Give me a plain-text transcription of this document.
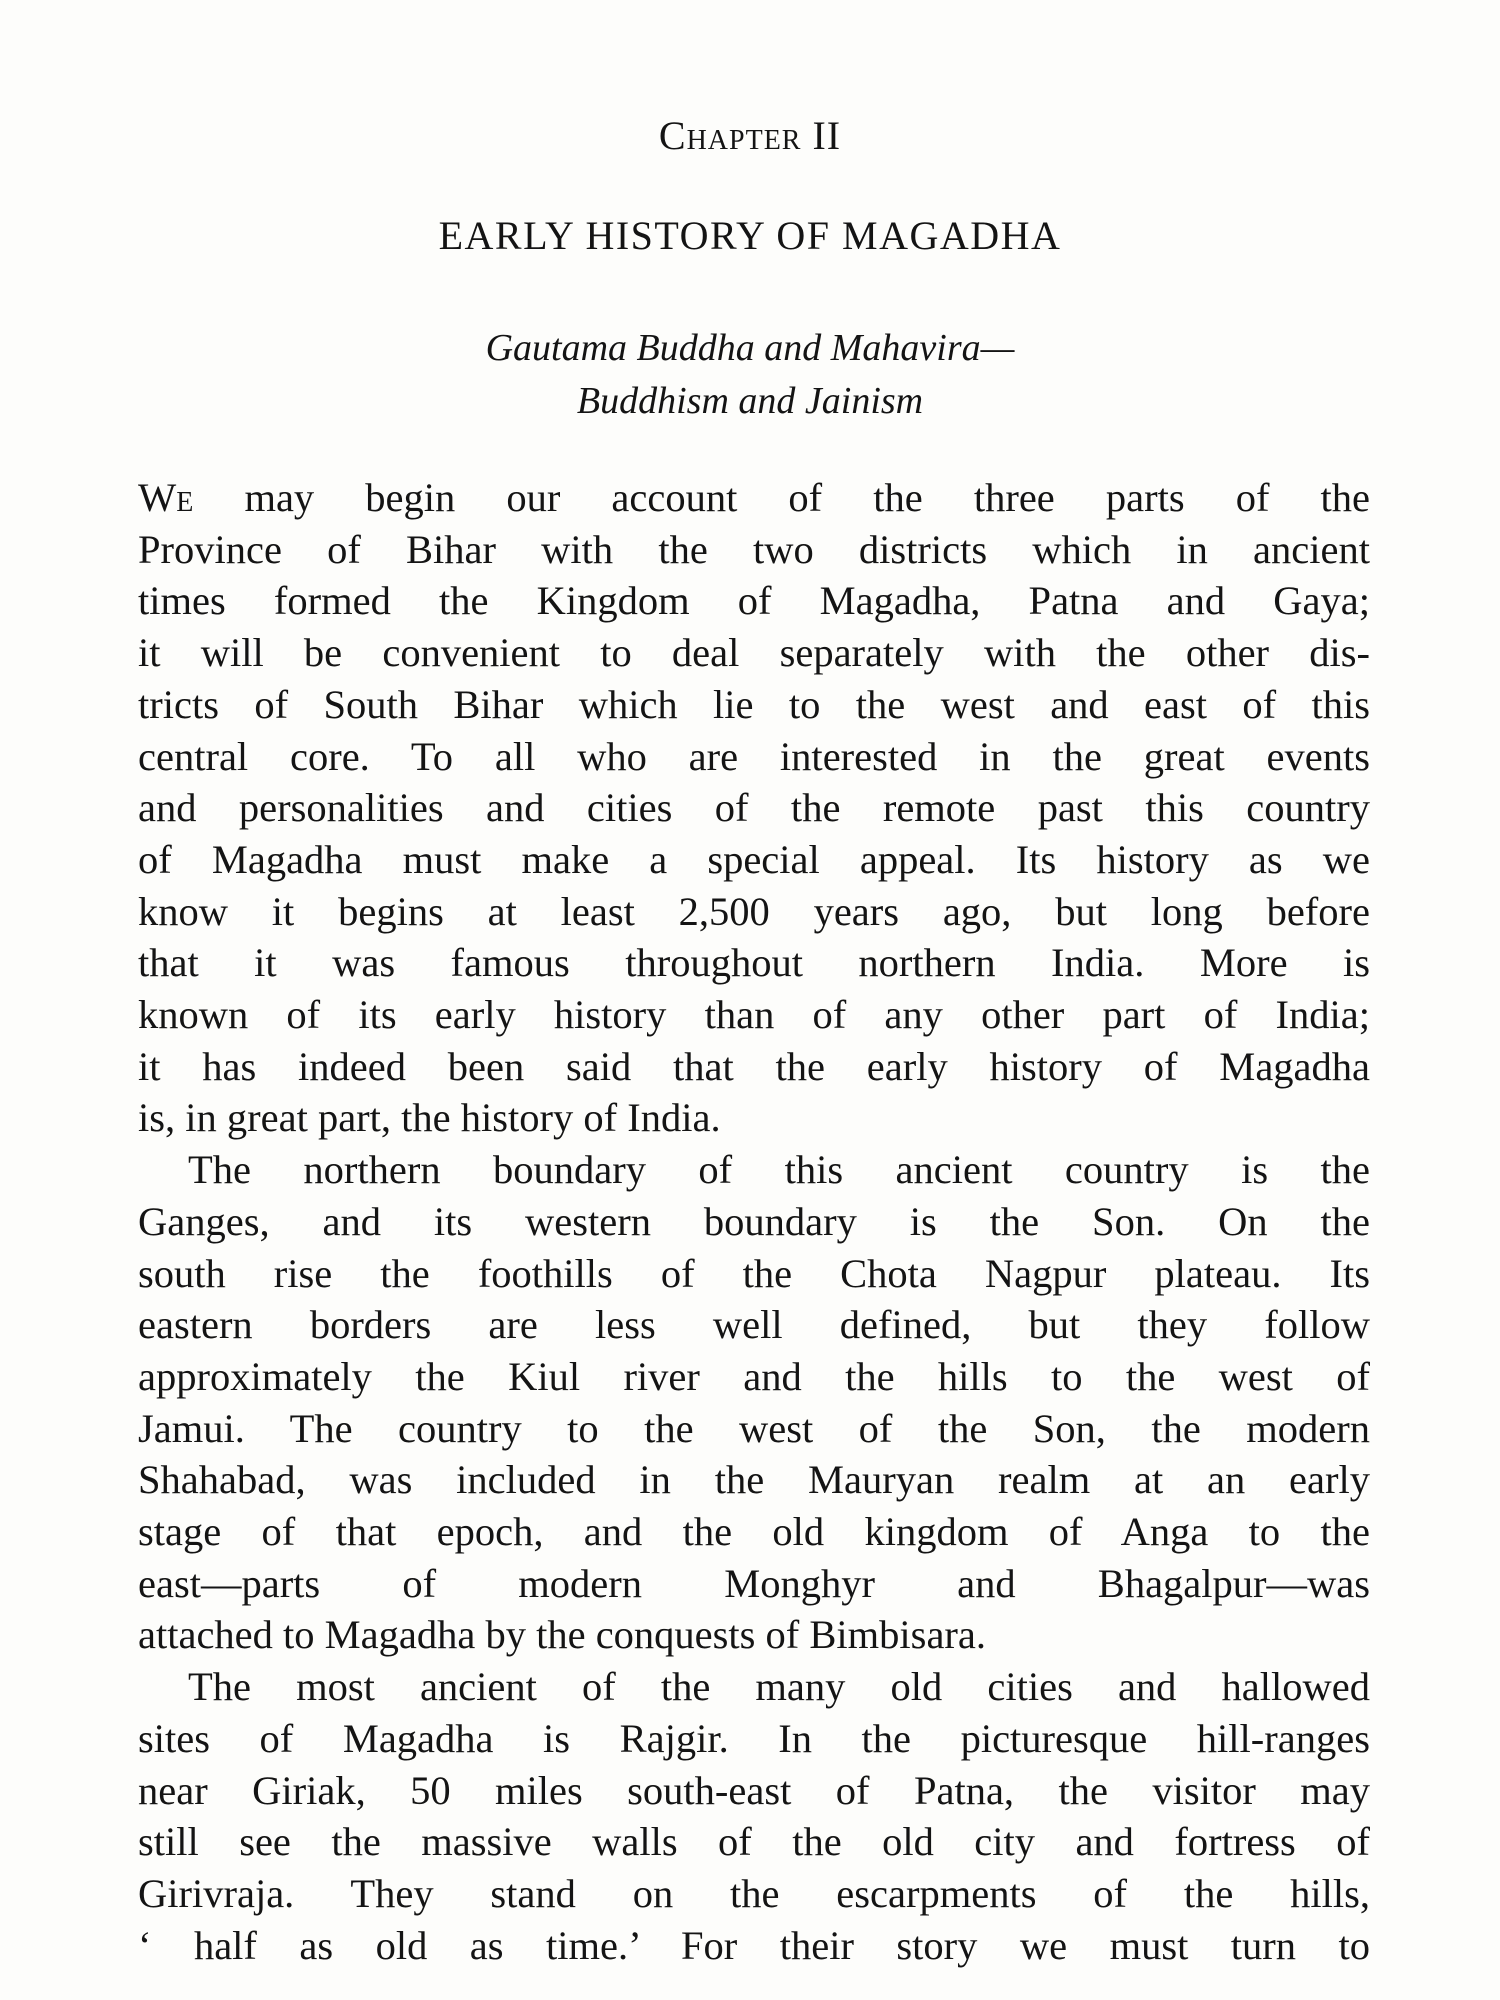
Chapter II
EARLY HISTORY OF MAGADHA
Gautama Buddha and Mahavira—
Buddhism and Jainism
We may begin our account of the three parts of the
Province of Bihar with the two districts which in ancient
times formed the Kingdom of Magadha, Patna and Gaya;
it will be convenient to deal separately with the other dis-
tricts of South Bihar which lie to the west and east of this
central core. To all who are interested in the great events
and personalities and cities of the remote past this country
of Magadha must make a special appeal. Its history as we
know it begins at least 2,500 years ago, but long before
that it was famous throughout northern India. More is
known of its early history than of any other part of India;
it has indeed been said that the early history of Magadha
is, in great part, the history of India.
The northern boundary of this ancient country is the
Ganges, and its western boundary is the Son. On the
south rise the foothills of the Chota Nagpur plateau. Its
eastern borders are less well defined, but they follow
approximately the Kiul river and the hills to the west of
Jamui. The country to the west of the Son, the modern
Shahabad, was included in the Mauryan realm at an early
stage of that epoch, and the old kingdom of Anga to the
east—parts of modern Monghyr and Bhagalpur—was
attached to Magadha by the conquests of Bimbisara.
The most ancient of the many old cities and hallowed
sites of Magadha is Rajgir. In the picturesque hill-ranges
near Giriak, 50 miles south-east of Patna, the visitor may
still see the massive walls of the old city and fortress of
Girivraja. They stand on the escarpments of the hills,
‘ half as old as time.’ For their story we must turn to
